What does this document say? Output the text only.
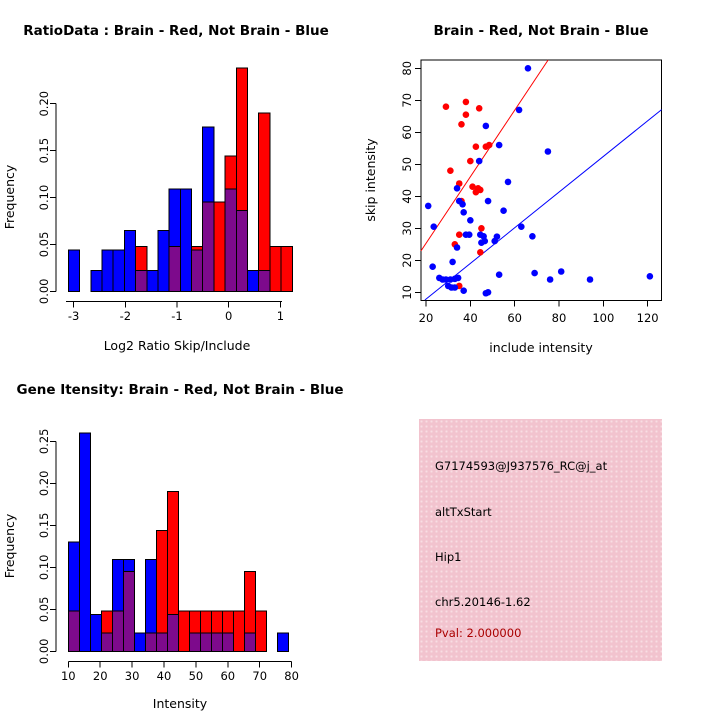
0.00
0.05
0.10
0.15
0.20
-3	-2	-1	0	1	20	40	60	80 100 120
10
20
30
40
50
60
70
80
0.00
0.05
0.10
0.15
0.20
0.25
10 20 30 40 50 60 70 80
RatioData : Brain - Red, Not Brain - Blue
Log2 Ratio Skip/Include
Frequency
Brain - Red, Not Brain - Blue
include intensity
skip intensity
Gene Itensity: Brain - Red, Not Brain - Blue
Intensity
Frequency
G7174593@J937576_RC@j_at
altTxStart
Hip1
chr5.20146-1.62
Pval: 2.000000
